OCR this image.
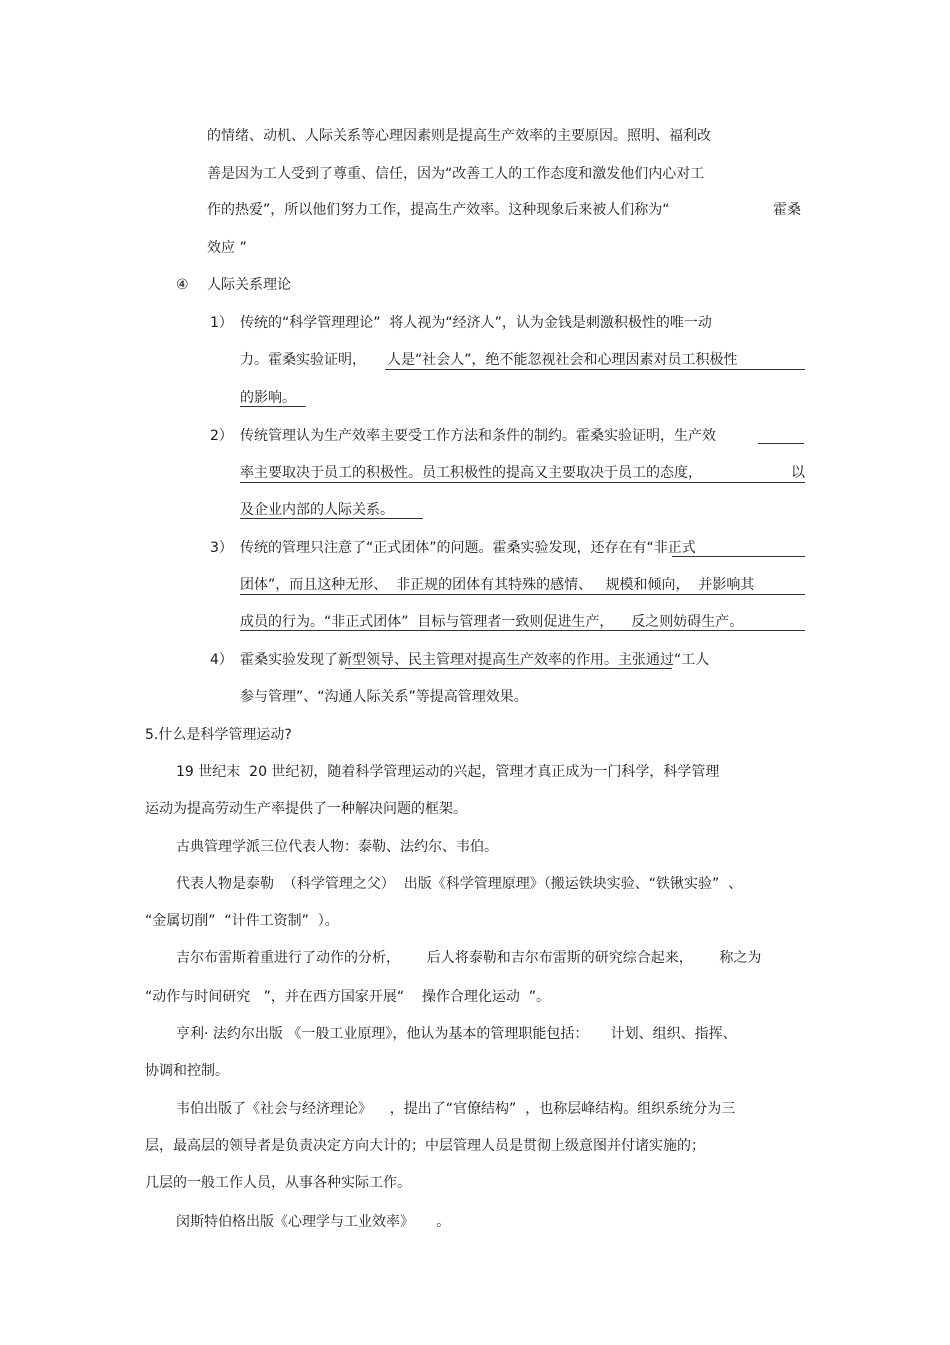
的情绪、动机、人际关系等心理因素则是提高生产效率的主要原因。照明、福利改
善是因为工人受到了尊重、信任，因为“改善工人的工作态度和激发他们内心对工
作的热爱”，所以他们努力工作，提高生产效率。这种现象后来被人们称为“	霍桑
效应 ”
④ 人际关系理论
1） 传统的“科学管理理论”  将人视为“经济人”，认为金钱是刺激积极性的唯一动
力。霍桑实验证明， 人是“社会人”，绝不能忽视社会和心理因素对员工积极性
的影响。
2） 传统管理认为生产效率主要受工作方法和条件的制约。霍桑实验证明，生产效
率主要取决于员工的积极性。员工积极性的提高又主要取决于员工的态度，	以
及企业内部的人际关系。
3） 传统的管理只注意了“正式团体”的问题。霍桑实验发现，还存在有“非正式
团体”，而且这种无形、  非正规的团体有其特殊的感情、   规模和倾向，  并影响其
成员的行为。“非正式团体”  目标与管理者一致则促进生产，    反之则妨碍生产。
4） 霍桑实验发现了新型领导、民主管理对提高生产效率的作用。主张通过“工人
参与管理”、“沟通人际关系”等提高管理效果。
5.什么是科学管理运动?
19 世纪末  20 世纪初，随着科学管理运动的兴起，管理才真正成为一门科学，科学管理
运动为提高劳动生产率提供了一种解决问题的框架。
古典管理学派三位代表人物：泰勒、法约尔、韦伯。
代表人物是泰勒  （科学管理之父）  出版《科学管理原理》（搬运铁块实验、“铁锹实验”  、
“金属切削”  “计件工资制”  ）。
吉尔布雷斯着重进行了动作的分析，      后人将泰勒和吉尔布雷斯的研究综合起来，      称之为
“动作与时间研究   ”，并在西方国家开展“    操作合理化运动  ”。
亨利· 法约尔出版 《一般工业原理》，他认为基本的管理职能包括：     计划、组织、指挥、
协调和控制。
韦伯出版了《社会与经济理论》    ，提出了“官僚结构”  ，也称层峰结构。组织系统分为三
层，最高层的领导者是负责决定方向大计的；中层管理人员是贯彻上级意图并付诸实施的；
几层的一般工作人员，从事各种实际工作。
闵斯特伯格出版《心理学与工业效率》     。
